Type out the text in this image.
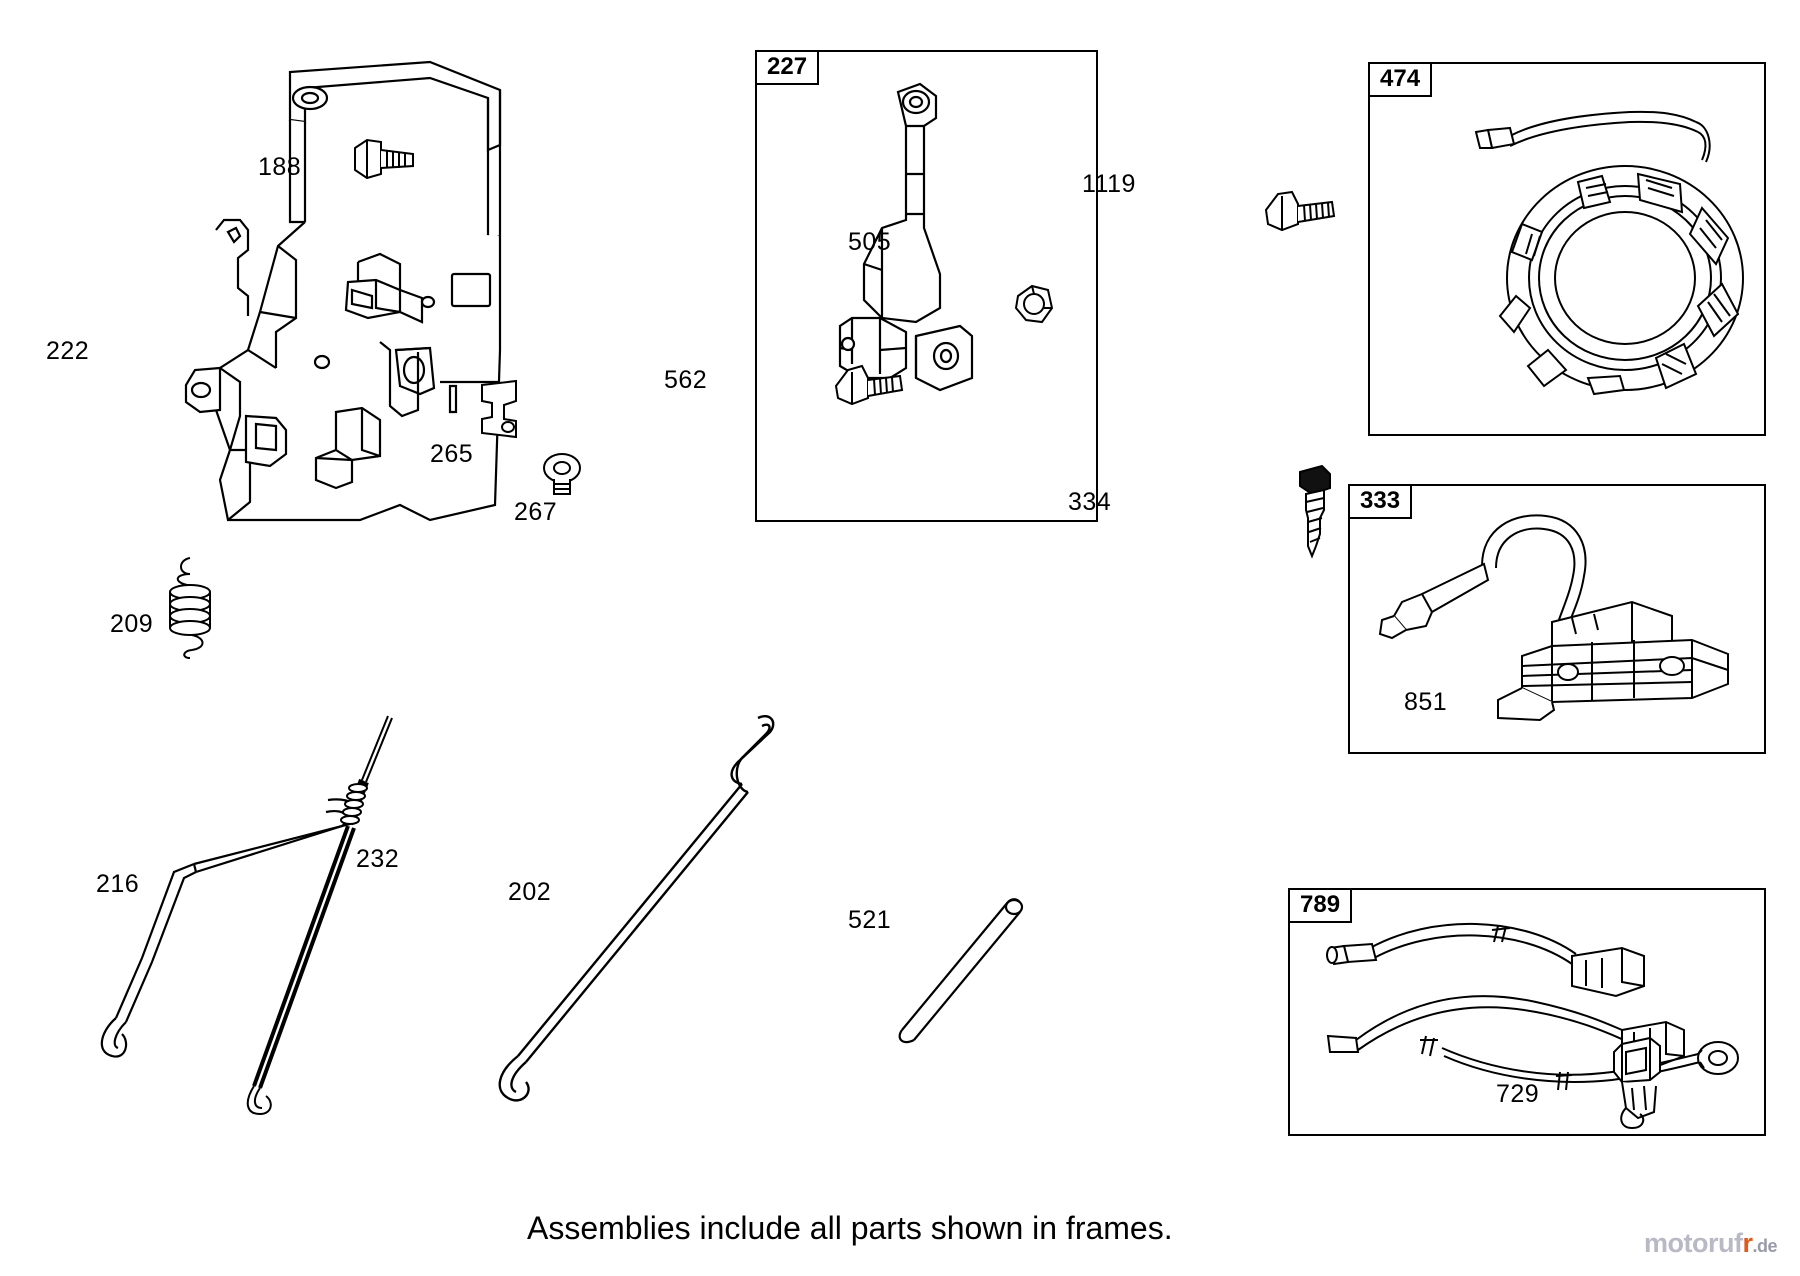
188
222
265
267
209
227
505
562
474
1119
333
334
851
216
232
202
521
789
729
Assemblies include all parts shown in frames.	motorufr.de
